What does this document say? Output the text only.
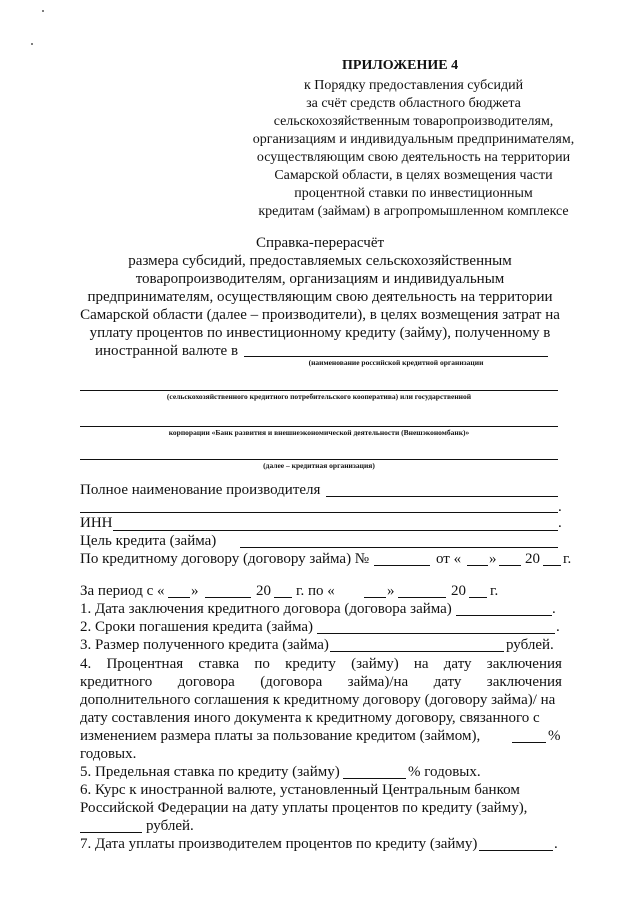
ПРИЛОЖЕНИЕ 4
к Порядку предоставления субсидий
за счёт средств областного бюджета
сельскохозяйственным товаропроизводителям,
организациям и индивидуальным предпринимателям,
осуществляющим свою деятельность на территории
Самарской области, в целях возмещения части
процентной ставки по инвестиционным
кредитам (займам) в агропромышленном комплексе
Справка-перерасчёт
размера субсидий, предоставляемых сельскохозяйственным
товаропроизводителям, организациям и индивидуальным
предпринимателям, осуществляющим свою деятельность на территории
Самарской области (далее – производители), в целях возмещения затрат на
уплату процентов по инвестиционному кредиту (займу), полученному в
иностранной валюте в
(наименование российской кредитной организации
(сельскохозяйственного кредитного потребительского кооператива) или государственной
корпорации «Банк развития и внешнеэкономической деятельности (Внешэкономбанк)»
(далее – кредитная организация)
Полное наименование производителя
.
ИНН	.
Цель кредита (займа)
По кредитному договору (договору займа) №	от « » 20 г.
За период с « »	20 г. по «	»	20 г.
1. Дата заключения кредитного договора (договора займа)	.
2. Сроки погашения кредита (займа)	.
3. Размер полученного кредита (займа)	рублей.
4. Процентная ставка по кредиту (займу) на дату заключения
кредитного договора (договора займа)/на дату заключения
дополнительного соглашения к кредитному договору (договору займа)/ на
дату составления иного документа к кредитному договору, связанного с
изменением размера платы за пользование кредитом (займом),	%
годовых.
5. Предельная ставка по кредиту (займу)	% годовых.
6. Курс к иностранной валюте, установленный Центральным банком
Российской Федерации на дату уплаты процентов по кредиту (займу),
рублей.
7. Дата уплаты производителем процентов по кредиту (займу)	.
